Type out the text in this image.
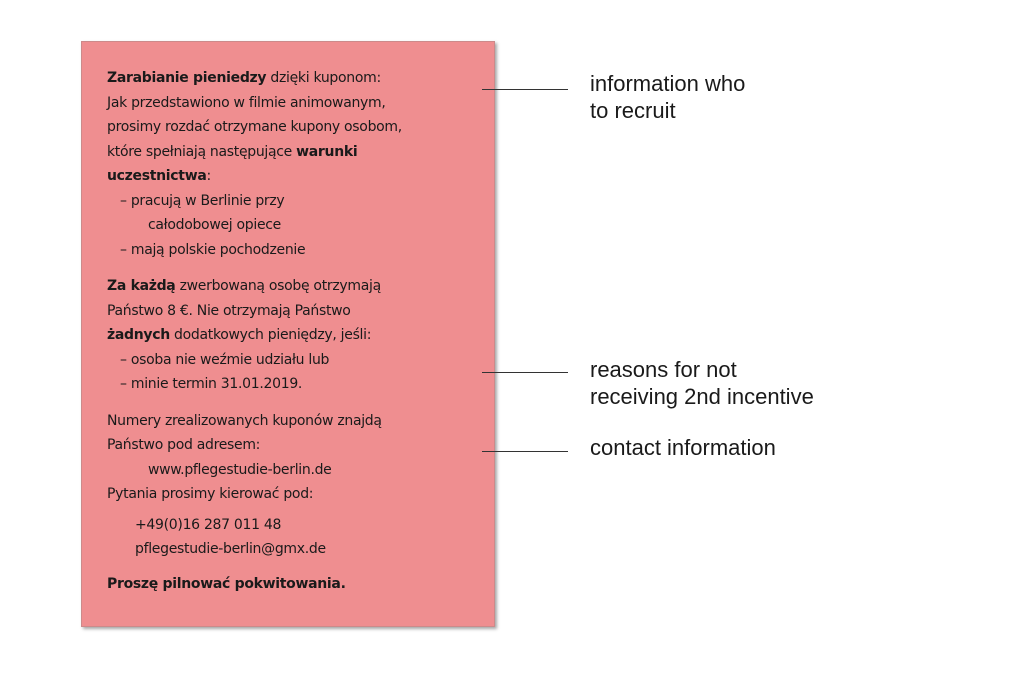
Zarabianie pieniedzy dzięki kuponom:

Jak przedstawiono w filmie animowanym,

prosimy rozdać otrzymane kupony osobom,

które spełniają następujące warunki

uczestnictwa:

– pracują w Berlinie przy

całodobowej opiece

– mają polskie pochodzenie

Za każdą zwerbowaną osobę otrzymają

Państwo 8 €. Nie otrzymają Państwo

żadnych dodatkowych pieniędzy, jeśli:

– osoba nie weźmie udziału lub

– minie termin 31.01.2019.

Numery zrealizowanych kuponów znajdą

Państwo pod adresem:

www.pflegestudie-berlin.de

Pytania prosimy kierować pod:

+49(0)16 287 011 48

pflegestudie-berlin@gmx.de

Proszę pilnować pokwitowania.

information who
to recruit
reasons for not
receiving 2nd incentive
contact information
